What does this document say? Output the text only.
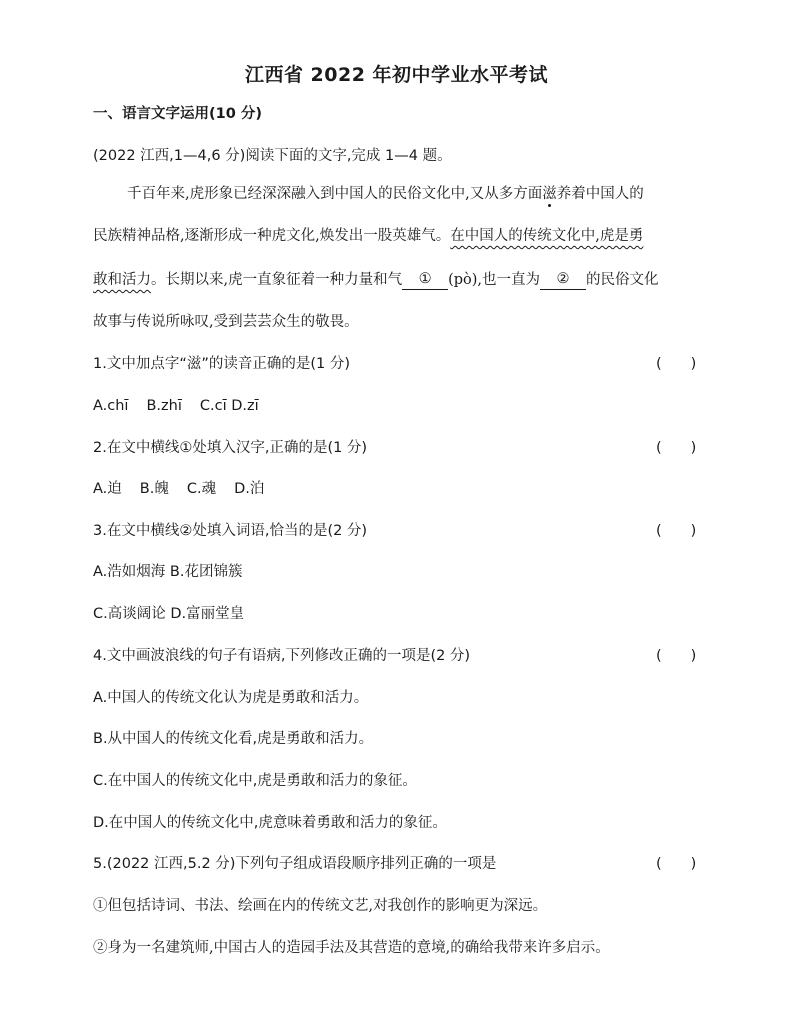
江西省 2022 年初中学业水平考试
一、语言文字运用(10 分)
(2022 江西,1—4,6 分)阅读下面的文字,完成 1—4 题。
千百年来,虎形象已经深深融入到中国人的民俗文化中,又从多方面滋养着中国人的
民族精神品格,逐渐形成一种虎文化,焕发出一股英雄气。在中国人的传统文化中,虎是勇
敢和活力。长期以来,虎一直象征着一种力量和气 ① (pò),也一直为 ② 的民俗文化
故事与传说所咏叹,受到芸芸众生的敬畏。
1.文中加点字“滋”的读音正确的是(1 分)	(　　)
A.chī B.zhī C.cī D.zī
2.在文中横线①处填入汉字,正确的是(1 分)	(　　)
A.迫 B.魄 C.魂 D.泊
3.在文中横线②处填入词语,恰当的是(2 分)	(　　)
A.浩如烟海 B.花团锦簇
C.高谈阔论 D.富丽堂皇
4.文中画波浪线的句子有语病,下列修改正确的一项是(2 分)	(　　)
A.中国人的传统文化认为虎是勇敢和活力。
B.从中国人的传统文化看,虎是勇敢和活力。
C.在中国人的传统文化中,虎是勇敢和活力的象征。
D.在中国人的传统文化中,虎意味着勇敢和活力的象征。
5.(2022 江西,5.2 分)下列句子组成语段顺序排列正确的一项是	(　　)
①但包括诗词、书法、绘画在内的传统文艺,对我创作的影响更为深远。
②身为一名建筑师,中国古人的造园手法及其营造的意境,的确给我带来许多启示。
